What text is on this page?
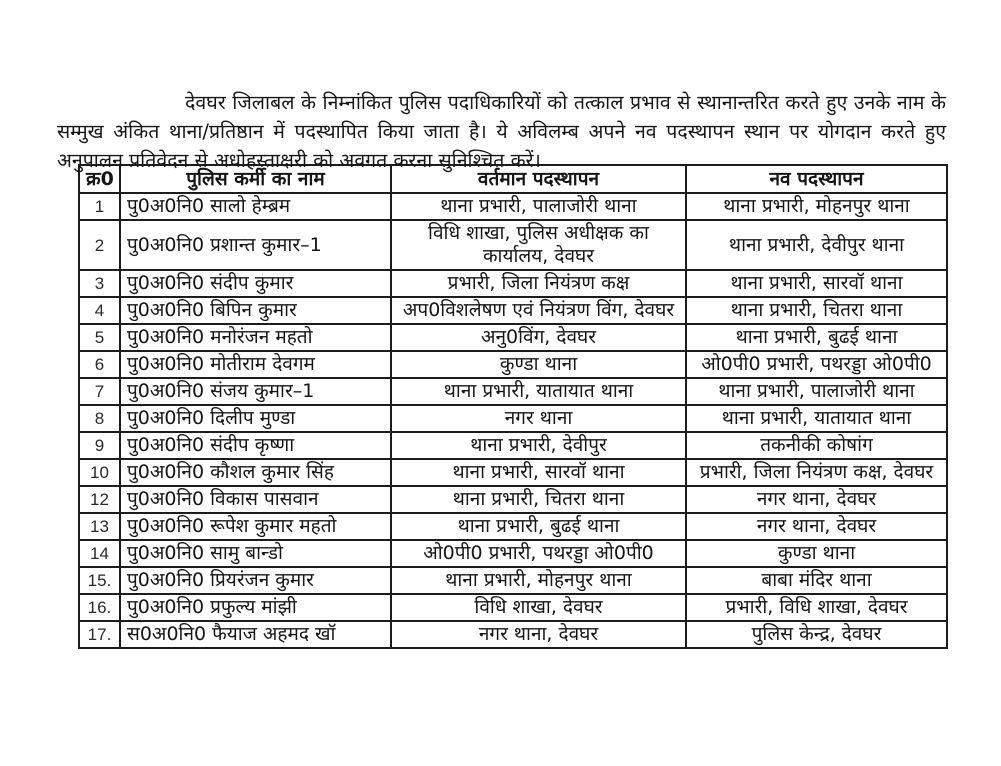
देवघर जिलाबल के निम्नांकित पुलिस पदाधिकारियों को तत्काल प्रभाव से स्थानान्तरित करते हुए उनके नाम के सम्मुख अंकित थाना/प्रतिष्ठान में पदस्थापित किया जाता है। ये अविलम्ब अपने नव पदस्थापन स्थान पर योगदान करते हुए अनुपालन प्रतिवेदन से अधोहस्ताक्षरी को अवगत करना सुनिश्चित करें।

क्र0	पुलिस कर्मी का नाम	वर्तमान पदस्थापन	नव पदस्थापन
1	पु0अ0नि0 सालो हेम्ब्रम	थाना प्रभारी, पालाजोरी थाना	थाना प्रभारी, मोहनपुर थाना
2	पु0अ0नि0 प्रशान्त कुमार–1	विधि शाखा, पुलिस अधीक्षक का कार्यालय, देवघर	थाना प्रभारी, देवीपुर थाना
3	पु0अ0नि0 संदीप कुमार	प्रभारी, जिला नियंत्रण कक्ष	थाना प्रभारी, सारवॉ थाना
4	पु0अ0नि0 बिपिन कुमार	अप0विशलेषण एवं नियंत्रण विंग, देवघर	थाना प्रभारी, चितरा थाना
5	पु0अ0नि0 मनोरंजन महतो	अनु0विंग, देवघर	थाना प्रभारी, बुढई थाना
6	पु0अ0नि0 मोतीराम देवगम	कुण्डा थाना	ओ0पी0 प्रभारी, पथरड्डा ओ0पी0
7	पु0अ0नि0 संजय कुमार–1	थाना प्रभारी, यातायात थाना	थाना प्रभारी, पालाजोरी थाना
8	पु0अ0नि0 दिलीप मुण्डा	नगर थाना	थाना प्रभारी, यातायात थाना
9	पु0अ0नि0 संदीप कृष्णा	थाना प्रभारी, देवीपुर	तकनीकी कोषांग
10	पु0अ0नि0 कौशल कुमार सिंह	थाना प्रभारी, सारवॉ थाना	प्रभारी, जिला नियंत्रण कक्ष, देवघर
12	पु0अ0नि0 विकास पासवान	थाना प्रभारी, चितरा थाना	नगर थाना, देवघर
13	पु0अ0नि0 रूपेश कुमार महतो	थाना प्रभारी, बुढई थाना	नगर थाना, देवघर
14	पु0अ0नि0 सामु बान्डो	ओ0पी0 प्रभारी, पथरड्डा ओ0पी0	कुण्डा थाना
15.	पु0अ0नि0 प्रियरंजन कुमार	थाना प्रभारी, मोहनपुर थाना	बाबा मंदिर थाना
16.	पु0अ0नि0 प्रफुल्य मांझी	विधि शाखा, देवघर	प्रभारी, विधि शाखा, देवघर
17.	स0अ0नि0 फैयाज अहमद खॉ	नगर थाना, देवघर	पुलिस केन्द्र, देवघर
